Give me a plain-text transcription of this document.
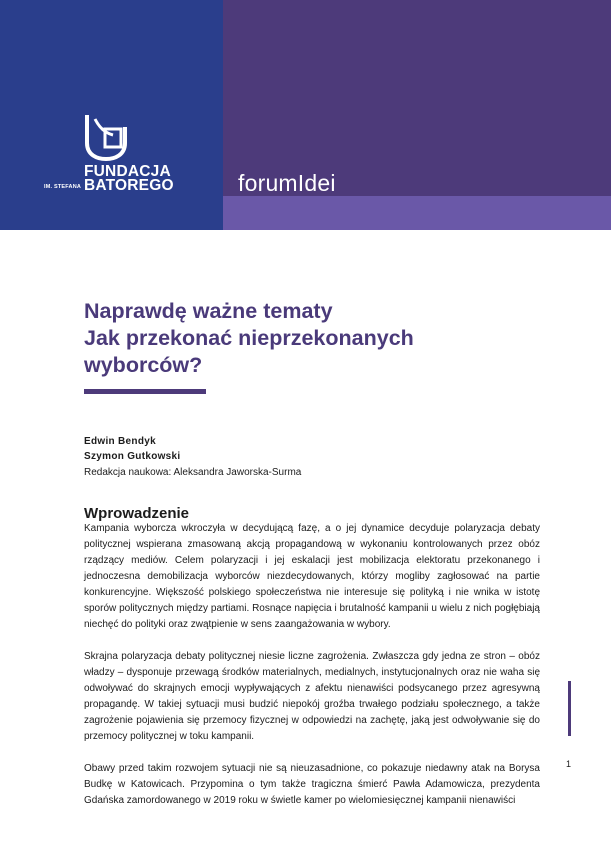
FUNDACJA
BATOREGO
IM. STEFANA	forumIdei
Naprawdę ważne tematy
Jak przekonać nieprzekonanych
wyborców?
Edwin Bendyk
Szymon Gutkowski
Redakcja naukowa: Aleksandra Jaworska-Surma
Wprowadzenie

Kampania wyborcza wkroczyła w decydującą fazę, a o jej dynamice decyduje polaryzacja debaty politycznej wspierana zmasowaną akcją propagandową w wykonaniu kontrolowanych przez obóz rządzący mediów. Celem polaryzacji i jej eskalacji jest mobilizacja elektoratu przekonanego i jednoczesna demobilizacja wyborców niezdecydowanych, którzy mogliby zagłosować na partie konkurencyjne. Większość polskiego społeczeństwa nie interesuje się polityką i nie wnika w istotę sporów politycznych między partiami. Rosnące napięcia i brutalność kampanii u wielu z nich pogłębiają niechęć do polityki oraz zwątpienie w sens zaangażowania w wybory.

Skrajna polaryzacja debaty politycznej niesie liczne zagrożenia. Zwłaszcza gdy jedna ze stron – obóz władzy – dysponuje przewagą środków materialnych, medialnych, instytucjonalnych oraz nie waha się odwoływać do skrajnych emocji wypływających z afektu nienawiści podsycanego przez agresywną propagandę. W takiej sytuacji musi budzić niepokój groźba trwałego podziału społecznego, a także zagrożenie pojawienia się przemocy fizycznej w odpowiedzi na zachętę, jaką jest odwoływanie się do przemocy politycznej w toku kampanii.

Obawy przed takim rozwojem sytuacji nie są nieuzasadnione, co pokazuje niedawny atak na Borysa Budkę w Katowicach. Przypomina o tym także tragiczna śmierć Pawła Adamowicza, prezydenta Gdańska zamordowanego w 2019 roku w świetle kamer po wielomiesięcznej kampanii nienawiści

1
